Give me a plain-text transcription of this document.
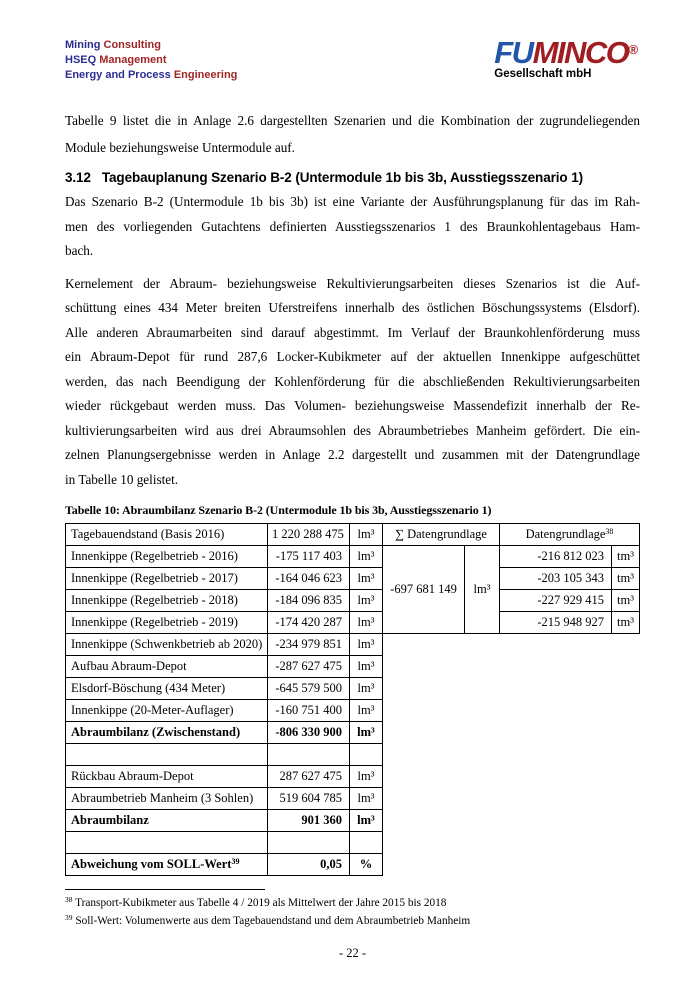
Mining Consulting
HSEQ Management
Energy and Process Engineering
FUMINCO®
Gesellschaft mbH
Tabelle 9 listet die in Anlage 2.6 dargestellten Szenarien und die Kombination der zugrundeliegenden
Module beziehungsweise Untermodule auf.
3.12 Tagebauplanung Szenario B-2 (Untermodule 1b bis 3b, Ausstiegsszenario 1)
Das Szenario B-2 (Untermodule 1b bis 3b) ist eine Variante der Ausführungsplanung für das im Rah-
men des vorliegenden Gutachtens definierten Ausstiegsszenarios 1 des Braunkohlentagebaus Ham-
bach.
Kernelement der Abraum- beziehungsweise Rekultivierungsarbeiten dieses Szenarios ist die Auf-
schüttung eines 434 Meter breiten Uferstreifens innerhalb des östlichen Böschungssystems (Elsdorf).
Alle anderen Abraumarbeiten sind darauf abgestimmt. Im Verlauf der Braunkohlenförderung muss
ein Abraum-Depot für rund 287,6 Locker-Kubikmeter auf der aktuellen Innenkippe aufgeschüttet
werden, das nach Beendigung der Kohlenförderung für die abschließenden Rekultivierungsarbeiten
wieder rückgebaut werden muss. Das Volumen- beziehungsweise Massendefizit innerhalb der Re-
kultivierungsarbeiten wird aus drei Abraumsohlen des Abraumbetriebes Manheim gefördert. Die ein-
zelnen Planungsergebnisse werden in Anlage 2.2 dargestellt und zusammen mit der Datengrundlage
in Tabelle 10 gelistet.
Tabelle 10: Abraumbilanz Szenario B-2 (Untermodule 1b bis 3b, Ausstiegsszenario 1)
Tagebauendstand (Basis 2016)	1 220 288 475	lm³	∑ Datengrundlage		Datengrundlage$^{38}$
Innenkippe (Regelbetrieb - 2016)	-175 117 403	lm³	-697 681 149	lm³	-216 812 023	tm³
Innenkippe (Regelbetrieb - 2017)	-164 046 623	lm³			-203 105 343	tm³
Innenkippe (Regelbetrieb - 2018)	-184 096 835	lm³			-227 929 415	tm³
Innenkippe (Regelbetrieb - 2019)	-174 420 287	lm³			-215 948 927	tm³
Innenkippe (Schwenkbetrieb ab 2020)	-234 979 851	lm³				
Aufbau Abraum-Depot	-287 627 475	lm³				
Elsdorf-Böschung (434 Meter)	-645 579 500	lm³				
Innenkippe (20-Meter-Auflager)	-160 751 400	lm³				
Abraumbilanz (Zwischenstand)	-806 330 900	lm³				

Rückbau Abraum-Depot	287 627 475	lm³				
Abraumbetrieb Manheim (3 Sohlen)	519 604 785	lm³				
Abraumbilanz	901 360	lm³				

Abweichung vom SOLL-Wert$^{39}$	0,05	%				
$^{38}$ Transport-Kubikmeter aus Tabelle 4 / 2019 als Mittelwert der Jahre 2015 bis 2018
$^{39}$ Soll-Wert: Volumenwerte aus dem Tagebauendstand und dem Abraumbetrieb Manheim
- 22 -
